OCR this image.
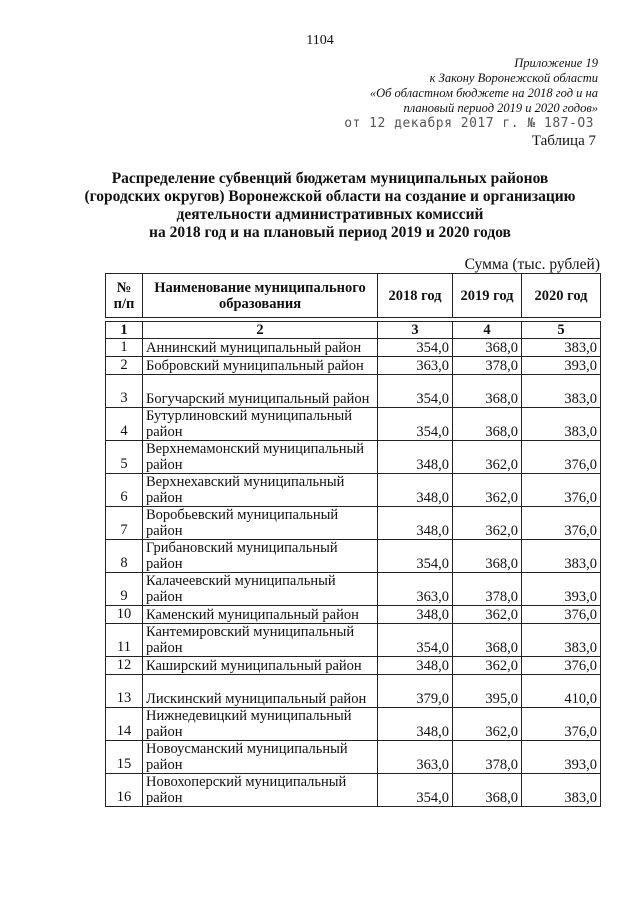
1104
Приложение 19
к Закону Воронежской области
«Об областном бюджете на 2018 год и на
плановый период 2019 и 2020 годов»
от 12 декабря 2017 г. № 187-ОЗ
Таблица 7
Распределение субвенций бюджетам муниципальных районов
(городских округов) Воронежской области на создание и организацию
деятельности административных комиссий
на 2018 год и на плановый период 2019 и 2020 годов
Сумма (тыс. рублей)
№ п/п	Наименование муниципального образования	2018 год	2019 год	2020 год

1	2	3	4	5
1	Аннинский муниципальный район	354,0	368,0	383,0
2	Бобровский муниципальный район	363,0	378,0	393,0
3	Богучарский муниципальный район	354,0	368,0	383,0
4	Бутурлиновский муниципальный район	354,0	368,0	383,0
5	Верхнемамонский муниципальный район	348,0	362,0	376,0
6	Верхнехавский муниципальный район	348,0	362,0	376,0
7	Воробьевский муниципальный район	348,0	362,0	376,0
8	Грибановский муниципальный район	354,0	368,0	383,0
9	Калачеевский муниципальный район	363,0	378,0	393,0
10	Каменский муниципальный район	348,0	362,0	376,0
11	Кантемировский муниципальный район	354,0	368,0	383,0
12	Каширский муниципальный район	348,0	362,0	376,0
13	Лискинский муниципальный район	379,0	395,0	410,0
14	Нижнедевицкий муниципальный район	348,0	362,0	376,0
15	Новоусманский муниципальный район	363,0	378,0	393,0
16	Новохоперский муниципальный район	354,0	368,0	383,0
